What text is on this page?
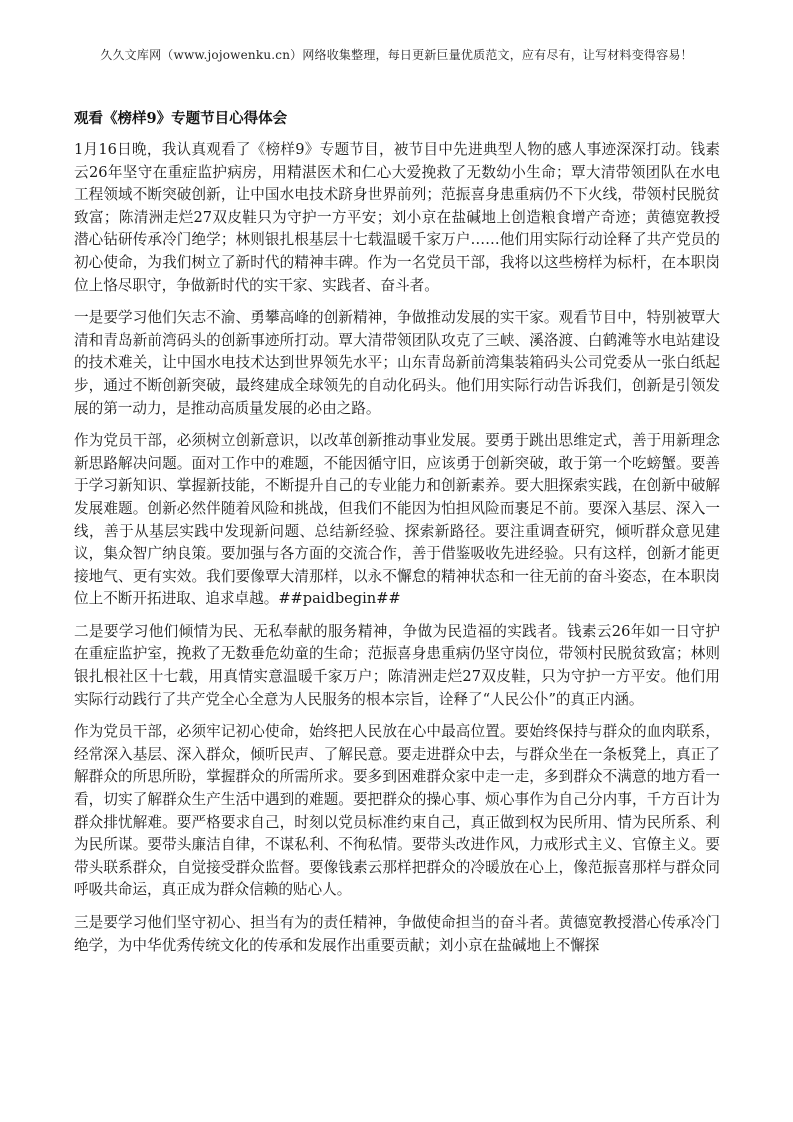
久久文库网（www.jojowenku.cn）网络收集整理，每日更新巨量优质范文，应有尽有，让写材料变得容易！
观看《榜样9》专题节目心得体会

1月16日晚，我认真观看了《榜样9》专题节目，被节目中先进典型人物的感人事迹深深打动。钱素云26年坚守在重症监护病房，用精湛医术和仁心大爱挽救了无数幼小生命；覃大清带领团队在水电工程领域不断突破创新，让中国水电技术跻身世界前列；范振喜身患重病仍不下火线，带领村民脱贫致富；陈清洲走烂27双皮鞋只为守护一方平安；刘小京在盐碱地上创造粮食增产奇迹；黄德宽教授潜心钻研传承冷门绝学；林则银扎根基层十七载温暖千家万户……他们用实际行动诠释了共产党员的初心使命，为我们树立了新时代的精神丰碑。作为一名党员干部，我将以这些榜样为标杆，在本职岗位上恪尽职守，争做新时代的实干家、实践者、奋斗者。

一是要学习他们矢志不渝、勇攀高峰的创新精神，争做推动发展的实干家。观看节目中，特别被覃大清和青岛新前湾码头的创新事迹所打动。覃大清带领团队攻克了三峡、溪洛渡、白鹤滩等水电站建设的技术难关，让中国水电技术达到世界领先水平；山东青岛新前湾集装箱码头公司党委从一张白纸起步，通过不断创新突破，最终建成全球领先的自动化码头。他们用实际行动告诉我们，创新是引领发展的第一动力，是推动高质量发展的必由之路。

作为党员干部，必须树立创新意识，以改革创新推动事业发展。要勇于跳出思维定式，善于用新理念新思路解决问题。面对工作中的难题，不能因循守旧，应该勇于创新突破，敢于第一个吃螃蟹。要善于学习新知识、掌握新技能，不断提升自己的专业能力和创新素养。要大胆探索实践，在创新中破解发展难题。创新必然伴随着风险和挑战，但我们不能因为怕担风险而裹足不前。要深入基层、深入一线，善于从基层实践中发现新问题、总结新经验、探索新路径。要注重调查研究，倾听群众意见建议，集众智广纳良策。要加强与各方面的交流合作，善于借鉴吸收先进经验。只有这样，创新才能更接地气、更有实效。我们要像覃大清那样，以永不懈怠的精神状态和一往无前的奋斗姿态，在本职岗位上不断开拓进取、追求卓越。##paidbegin##

二是要学习他们倾情为民、无私奉献的服务精神，争做为民造福的实践者。钱素云26年如一日守护在重症监护室，挽救了无数垂危幼童的生命；范振喜身患重病仍坚守岗位，带领村民脱贫致富；林则银扎根社区十七载，用真情实意温暖千家万户；陈清洲走烂27双皮鞋，只为守护一方平安。他们用实际行动践行了共产党全心全意为人民服务的根本宗旨，诠释了“人民公仆”的真正内涵。

作为党员干部，必须牢记初心使命，始终把人民放在心中最高位置。要始终保持与群众的血肉联系，经常深入基层、深入群众，倾听民声、了解民意。要走进群众中去，与群众坐在一条板凳上，真正了解群众的所思所盼，掌握群众的所需所求。要多到困难群众家中走一走，多到群众不满意的地方看一看，切实了解群众生产生活中遇到的难题。要把群众的操心事、烦心事作为自己分内事，千方百计为群众排忧解难。要严格要求自己，时刻以党员标准约束自己，真正做到权为民所用、情为民所系、利为民所谋。要带头廉洁自律，不谋私利、不徇私情。要带头改进作风，力戒形式主义、官僚主义。要带头联系群众，自觉接受群众监督。要像钱素云那样把群众的冷暖放在心上，像范振喜那样与群众同呼吸共命运，真正成为群众信赖的贴心人。

三是要学习他们坚守初心、担当有为的责任精神，争做使命担当的奋斗者。黄德宽教授潜心传承冷门绝学，为中华优秀传统文化的传承和发展作出重要贡献；刘小京在盐碱地上不懈探
